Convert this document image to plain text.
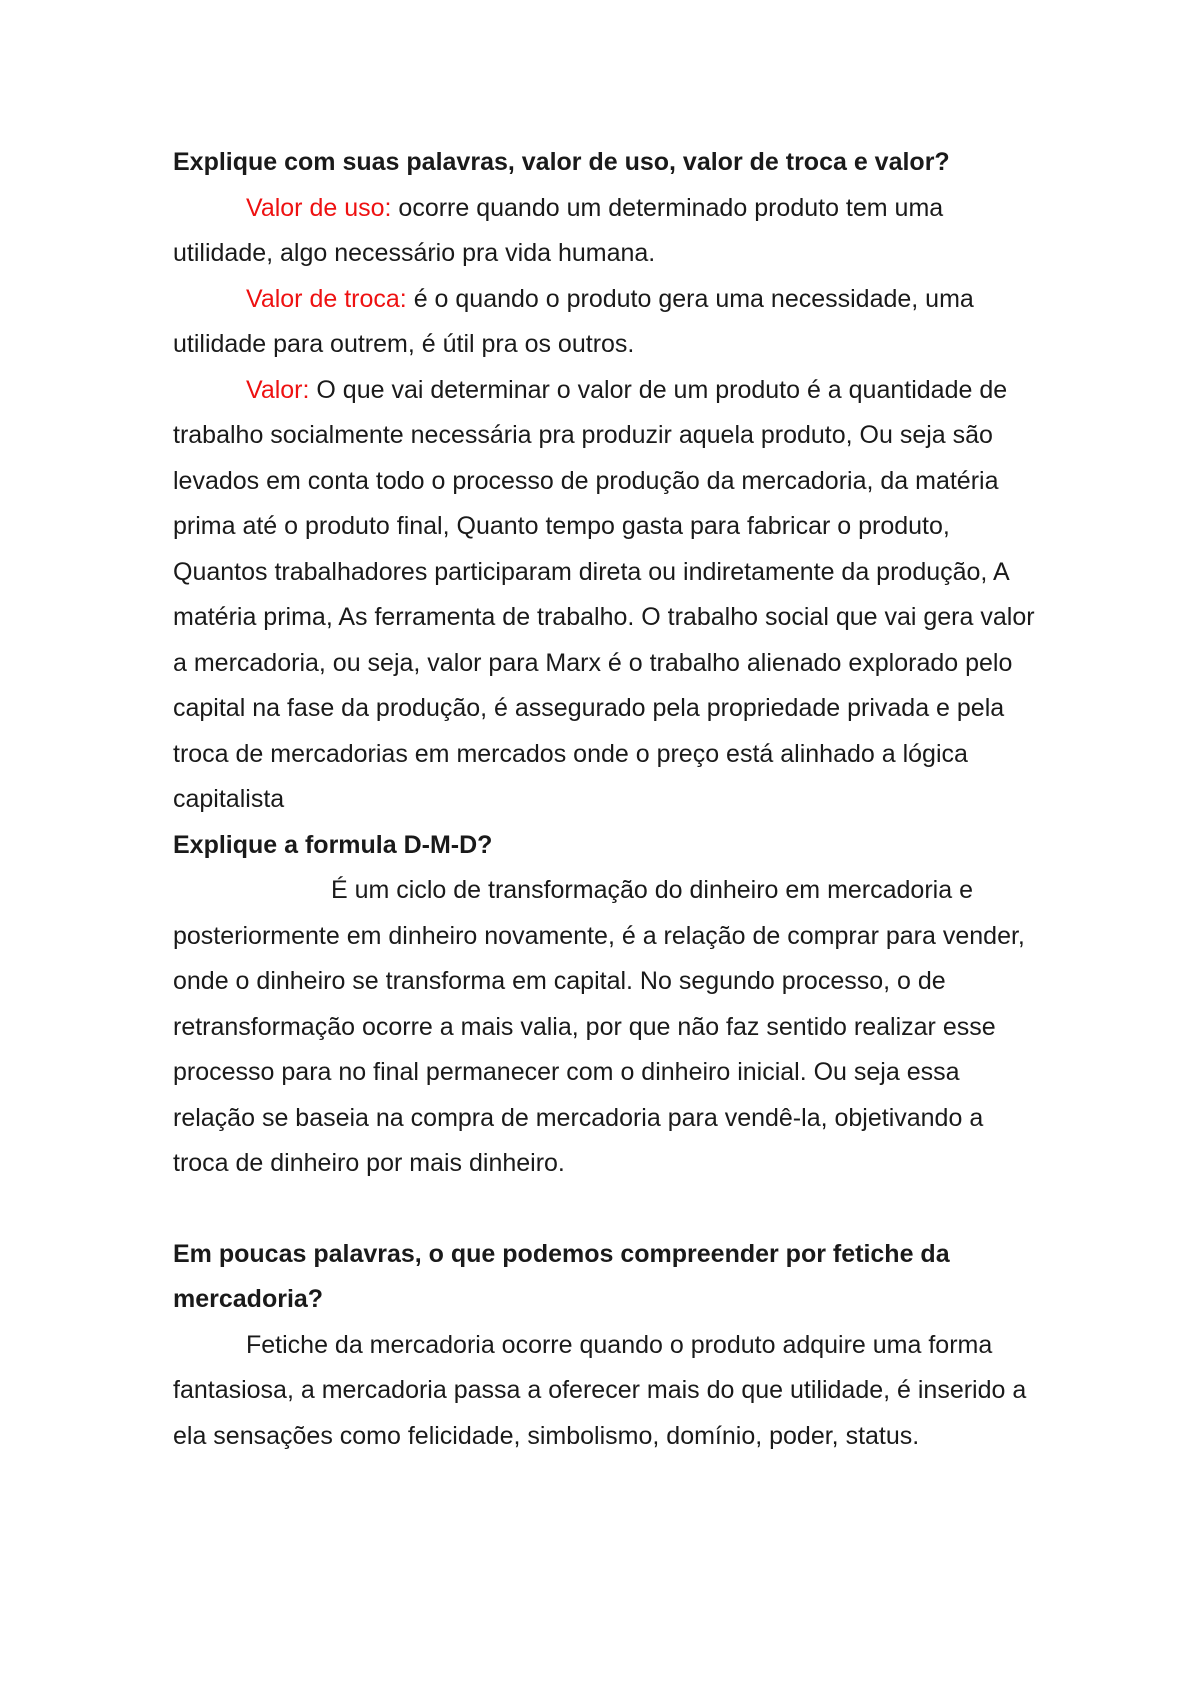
Explique com suas palavras, valor de uso, valor de troca e valor?

Valor de uso: ocorre quando um determinado produto tem uma utilidade, algo necessário pra vida humana.

Valor de troca: é o quando o produto gera uma necessidade, uma utilidade para outrem, é útil pra os outros.

Valor: O que vai determinar o valor de um produto é a quantidade de trabalho socialmente necessária pra produzir aquela produto, Ou seja são levados em conta todo o processo de produção da mercadoria, da matéria prima até o produto final, Quanto tempo gasta para fabricar o produto, Quantos trabalhadores participaram direta ou indiretamente da produção, A matéria prima, As ferramenta de trabalho. O trabalho social que vai gera valor a mercadoria, ou seja, valor para Marx é o trabalho alienado explorado pelo capital na fase da produção, é assegurado pela propriedade privada e pela troca de mercadorias em mercados onde o preço está alinhado a lógica capitalista

Explique a formula D-M-D?

É um ciclo de transformação do dinheiro em mercadoria e posteriormente em dinheiro novamente, é a relação de comprar para vender, onde o dinheiro se transforma em capital. No segundo processo, o de retransformação ocorre a mais valia, por que não faz sentido realizar esse processo para no final permanecer com o dinheiro inicial. Ou seja essa relação se baseia na compra de mercadoria para vendê-la, objetivando a troca de dinheiro por mais dinheiro.

Em poucas palavras, o que podemos compreender por fetiche da mercadoria?

Fetiche da mercadoria ocorre quando o produto adquire uma forma fantasiosa, a mercadoria passa a oferecer mais do que utilidade, é inserido a ela sensações como felicidade, simbolismo, domínio, poder, status.
